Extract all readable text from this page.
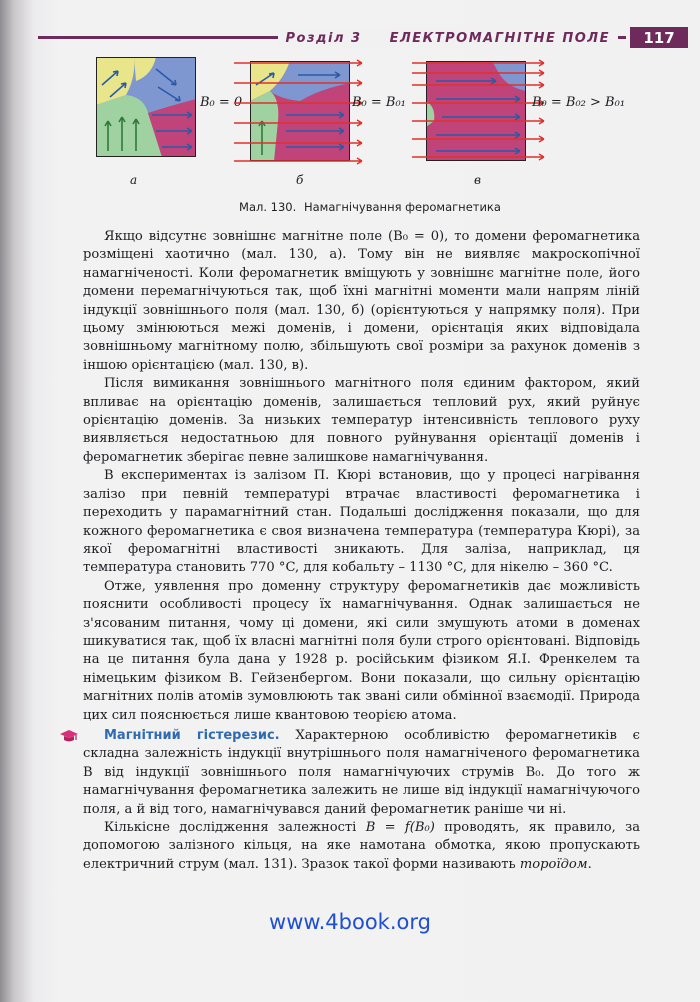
Розділ 3 ЕЛЕКТРОМАГНІТНЕ ПОЛЕ	117
B₀ = 0
а
B₀ = B₀₁
б
B₀ = B₀₂ > B₀₁
в
Мал. 130. Намагнічування феромагнетика

Якщо відсутнє зовнішнє магнітне поле (B₀ = 0), то домени феромагнетика розміщені хаотично (мал. 130, а). Тому він не виявляє макроскопічної намагніченості. Коли феромагнетик вміщують у зовнішнє магнітне поле, його домени перемагнічуються так, щоб їхні магнітні моменти мали напрям ліній індукції зовнішнього поля (мал. 130, б) (орієнтуються у напрямку поля). При цьому змінюються межі доменів, і домени, орієнтація яких відповідала зовнішньому магнітному полю, збільшують свої розміри за рахунок доменів з іншою орієнтацією (мал. 130, в).

Після вимикання зовнішнього магнітного поля єдиним фактором, який впливає на орієнтацію доменів, залишається тепловий рух, який руйнує орієнтацію доменів. За низьких температур інтенсивність теплового руху виявляється недостатньою для повного руйнування орієнтації доменів і феромагнетик зберігає певне залишкове намагнічування.

В експериментах із залізом П. Кюрі встановив, що у процесі нагрівання залізо при певній температурі втрачає властивості феромагнетика і переходить у парамагнітний стан. Подальші дослідження показали, що для кожного феромагнетика є своя визначена температура (температура Кюрі), за якої феромагнітні властивості зникають. Для заліза, наприклад, ця температура становить 770 °C, для кобальту – 1130 °C, для нікелю – 360 °C.

Отже, уявлення про доменну структуру феромагнетиків дає можливість пояснити особливості процесу їх намагнічування. Однак залишається не з'ясованим питання, чому ці домени, які сили змушують атоми в доменах шикуватися так, щоб їх власні магнітні поля були строго орієнтовані. Відповідь на це питання була дана у 1928 р. російським фізиком Я.І. Френкелем та німецьким фізиком В. Гейзенбергом. Вони показали, що сильну орієнтацію магнітних полів атомів зумовлюють так звані сили обмінної взаємодії. Природа цих сил пояснюється лише квантовою теорією атома.

Магнітний гістерезис. Характерною особливістю феромагнетиків є складна залежність індукції внутрішнього поля намагніченого феромагнетика B від індукції зовнішнього поля намагнічуючих струмів B₀. До того ж намагнічування феромагнетика залежить не лише від індукції намагнічуючого поля, а й від того, намагнічувався даний феромагнетик раніше чи ні.

Кількісне дослідження залежності B = f(B₀) проводять, як правило, за допомогою залізного кільця, на яке намотана обмотка, якою пропускають електричний струм (мал. 131). Зразок такої форми називають тороїдом.

www.4book.org
